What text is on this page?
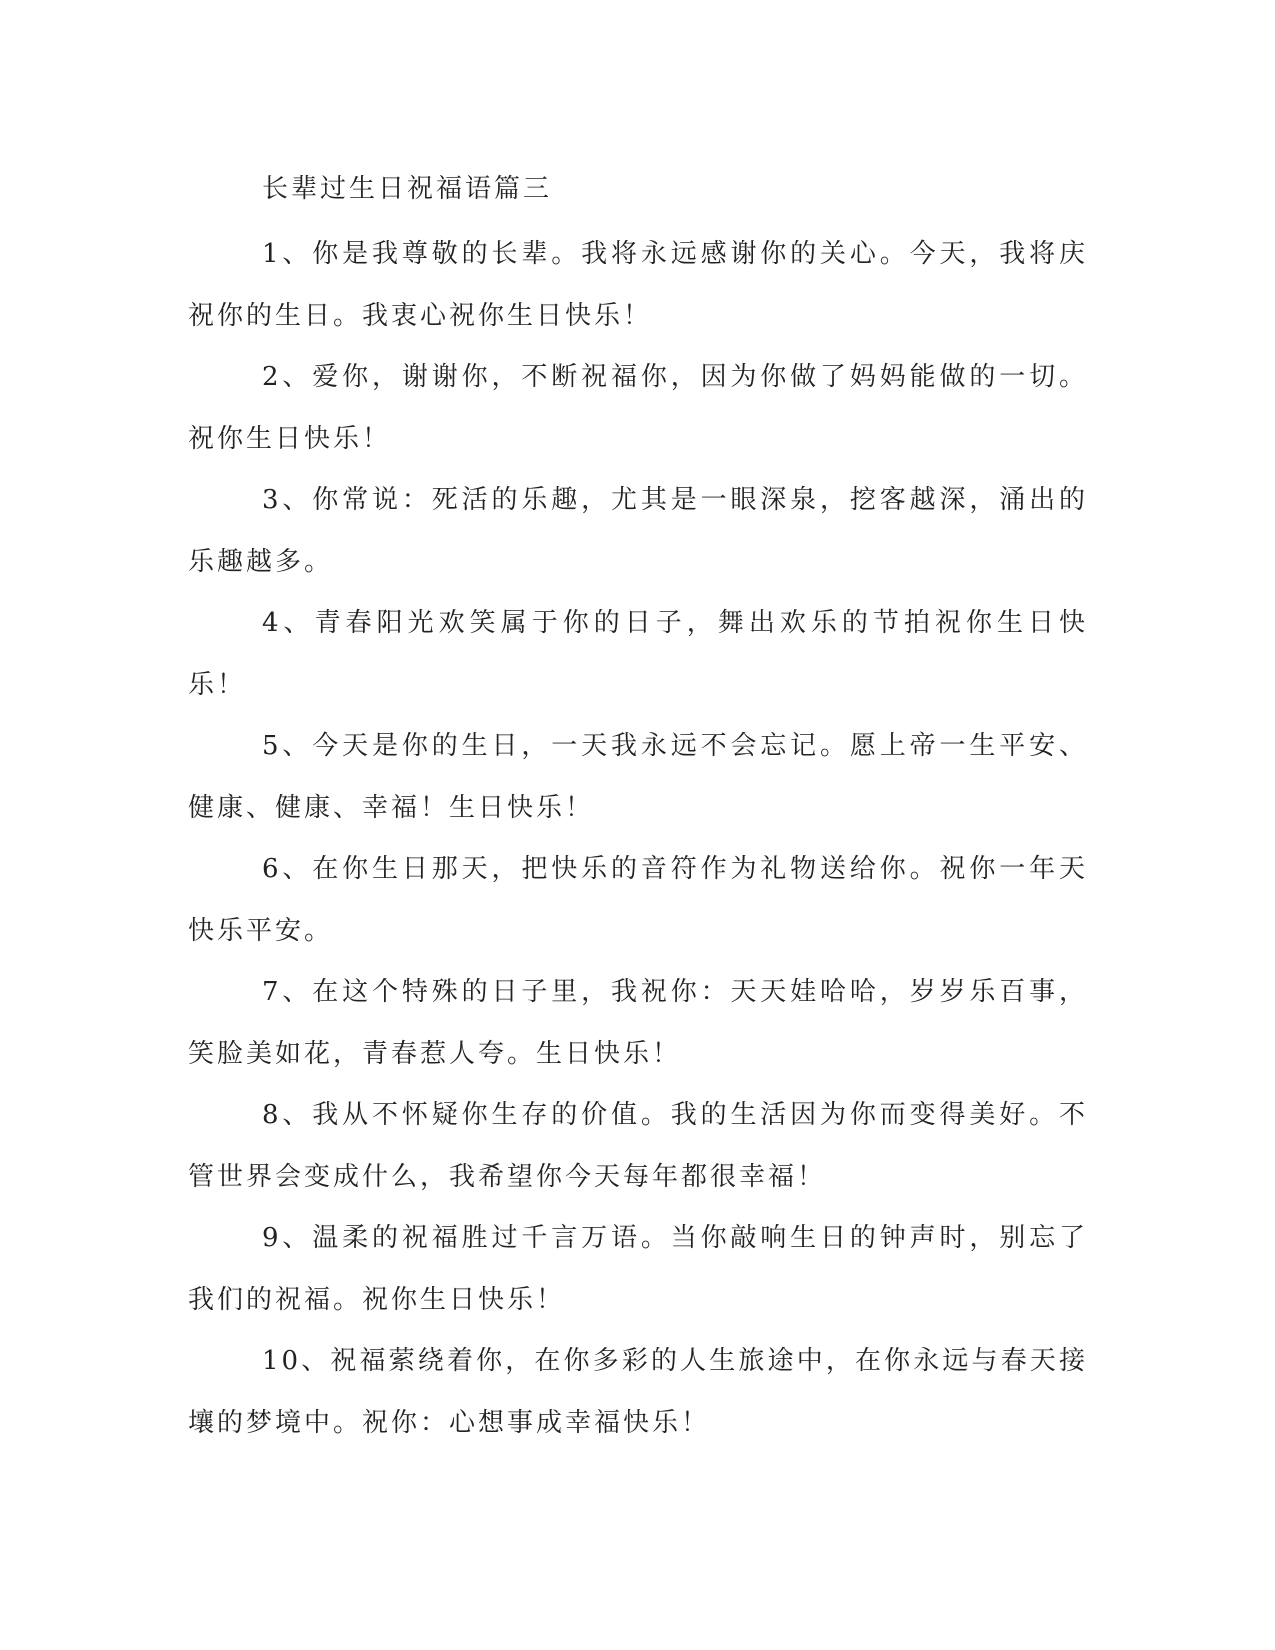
长辈过生日祝福语篇三

1、你是我尊敬的长辈。我将永远感谢你的关心。今天，我将庆祝你的生日。我衷心祝你生日快乐！

2、爱你，谢谢你，不断祝福你，因为你做了妈妈能做的一切。祝你生日快乐！

3、你常说：死活的乐趣，尤其是一眼深泉，挖客越深，涌出的乐趣越多。

4、青春阳光欢笑属于你的日子，舞出欢乐的节拍祝你生日快乐！

5、今天是你的生日，一天我永远不会忘记。愿上帝一生平安、健康、健康、幸福！生日快乐！

6、在你生日那天，把快乐的音符作为礼物送给你。祝你一年天快乐平安。

7、在这个特殊的日子里，我祝你：天天娃哈哈，岁岁乐百事，笑脸美如花，青春惹人夸。生日快乐！

8、我从不怀疑你生存的价值。我的生活因为你而变得美好。不管世界会变成什么，我希望你今天每年都很幸福！

9、温柔的祝福胜过千言万语。当你敲响生日的钟声时，别忘了我们的祝福。祝你生日快乐！

10、祝福萦绕着你，在你多彩的人生旅途中，在你永远与春天接壤的梦境中。祝你：心想事成幸福快乐！
